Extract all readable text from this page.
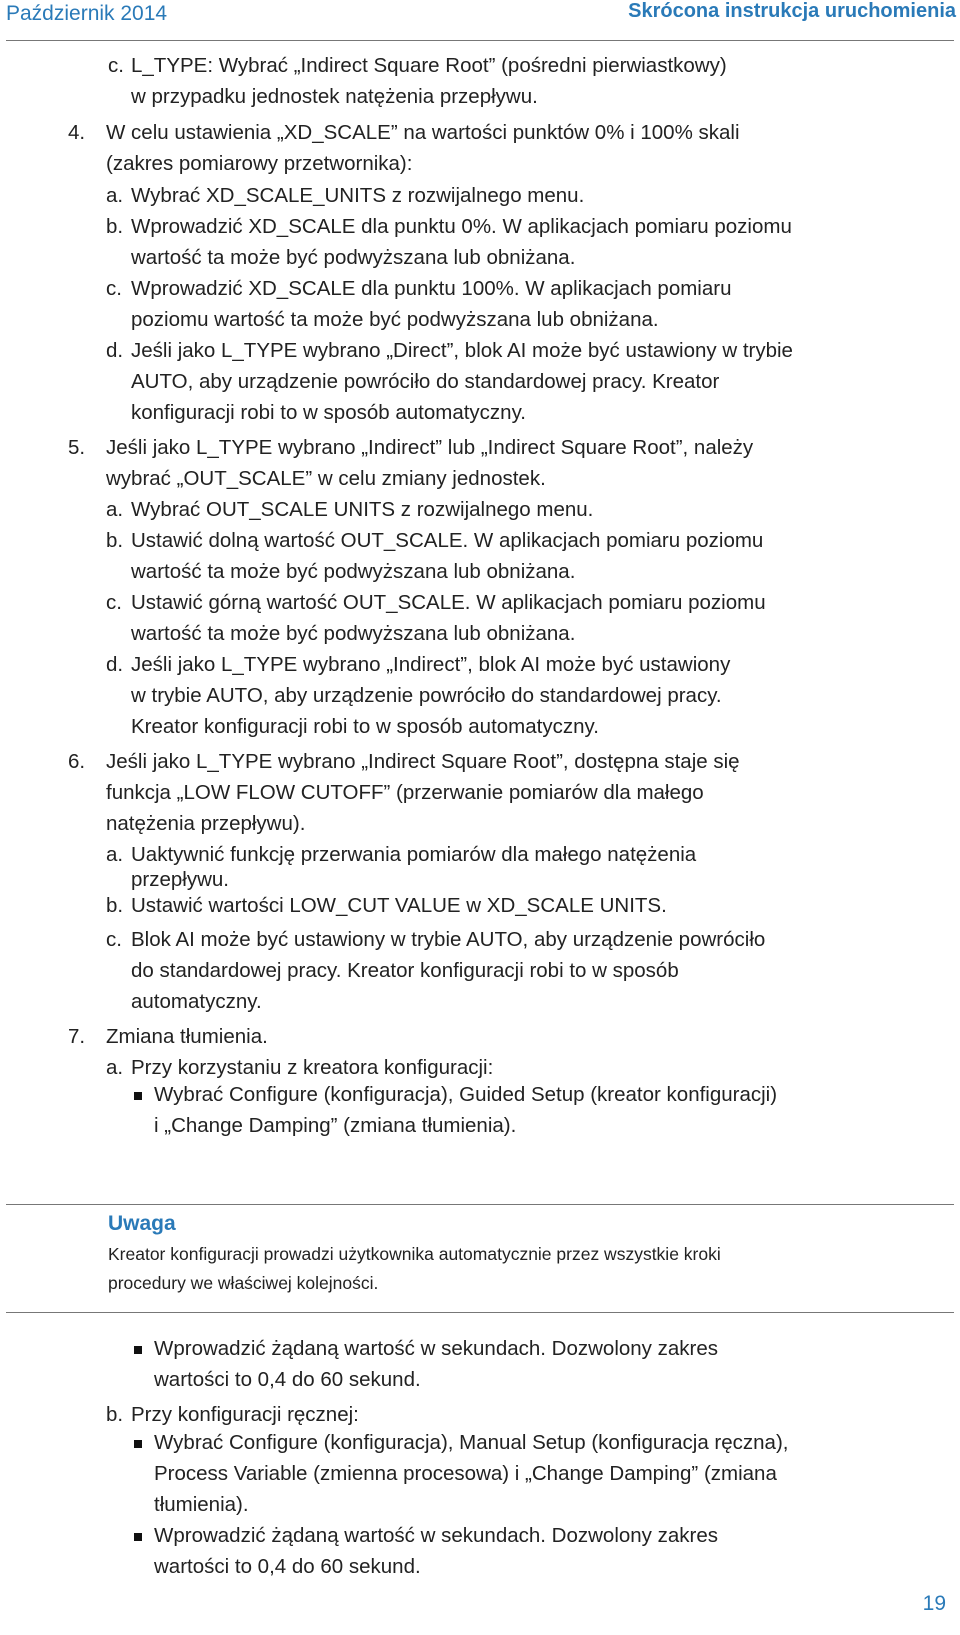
Październik 2014	Skrócona instrukcja uruchomienia
c. L_TYPE: Wybrać „Indirect Square Root” (pośredni pierwiastkowy)
w przypadku jednostek natężenia przepływu.
4. W celu ustawienia „XD_SCALE” na wartości punktów 0% i 100% skali
(zakres pomiarowy przetwornika):
a. Wybrać XD_SCALE_UNITS z rozwijalnego menu.
b. Wprowadzić XD_SCALE dla punktu 0%. W aplikacjach pomiaru poziomu
wartość ta może być podwyższana lub obniżana.
c. Wprowadzić XD_SCALE dla punktu 100%. W aplikacjach pomiaru
poziomu wartość ta może być podwyższana lub obniżana.
d. Jeśli jako L_TYPE wybrano „Direct”, blok AI może być ustawiony w trybie
AUTO, aby urządzenie powróciło do standardowej pracy. Kreator
konfiguracji robi to w sposób automatyczny.
5. Jeśli jako L_TYPE wybrano „Indirect” lub „Indirect Square Root”, należy
wybrać „OUT_SCALE” w celu zmiany jednostek.
a. Wybrać OUT_SCALE UNITS z rozwijalnego menu.
b. Ustawić dolną wartość OUT_SCALE. W aplikacjach pomiaru poziomu
wartość ta może być podwyższana lub obniżana.
c. Ustawić górną wartość OUT_SCALE. W aplikacjach pomiaru poziomu
wartość ta może być podwyższana lub obniżana.
d. Jeśli jako L_TYPE wybrano „Indirect”, blok AI może być ustawiony
w trybie AUTO, aby urządzenie powróciło do standardowej pracy.
Kreator konfiguracji robi to w sposób automatyczny.
6. Jeśli jako L_TYPE wybrano „Indirect Square Root”, dostępna staje się
funkcja „LOW FLOW CUTOFF” (przerwanie pomiarów dla małego
natężenia przepływu).
a. Uaktywnić funkcję przerwania pomiarów dla małego natężenia
przepływu.
b. Ustawić wartości LOW_CUT VALUE w XD_SCALE UNITS.
c. Blok AI może być ustawiony w trybie AUTO, aby urządzenie powróciło
do standardowej pracy. Kreator konfiguracji robi to w sposób
automatyczny.
7. Zmiana tłumienia.
a. Przy korzystaniu z kreatora konfiguracji:
Wybrać Configure (konfiguracja), Guided Setup (kreator konfiguracji)
i „Change Damping” (zmiana tłumienia).
Uwaga
Kreator konfiguracji prowadzi użytkownika automatycznie przez wszystkie kroki
procedury we właściwej kolejności.
Wprowadzić żądaną wartość w sekundach. Dozwolony zakres
wartości to 0,4 do 60 sekund.
b. Przy konfiguracji ręcznej:
Wybrać Configure (konfiguracja), Manual Setup (konfiguracja ręczna),
Process Variable (zmienna procesowa) i „Change Damping” (zmiana
tłumienia).
Wprowadzić żądaną wartość w sekundach. Dozwolony zakres
wartości to 0,4 do 60 sekund.
19
